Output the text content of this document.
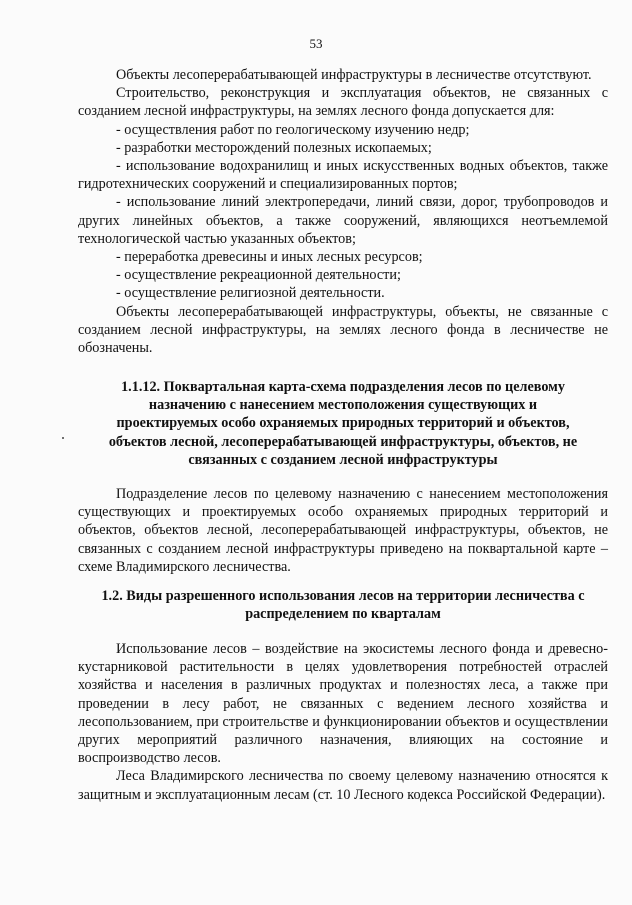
53

Объекты лесоперерабатывающей инфраструктуры в лесничестве отсутствуют.

Строительство, реконструкция и эксплуатация объектов, не связанных с созданием лесной инфраструктуры, на землях лесного фонда допускается для:

- осуществления работ по геологическому изучению недр;

- разработки месторождений полезных ископаемых;

- использование водохранилищ и иных искусственных водных объектов, также гидротехнических сооружений и специализированных портов;

- использование линий электропередачи, линий связи, дорог, трубопроводов и других линейных объектов, а также сооружений, являющихся неотъемлемой технологической частью указанных объектов;

- переработка древесины и иных лесных ресурсов;

- осуществление рекреационной деятельности;

- осуществление религиозной деятельности.

Объекты лесоперерабатывающей инфраструктуры, объекты, не связанные с созданием лесной инфраструктуры, на землях лесного фонда в лесничестве не обозначены.

1.1.12. Поквартальная карта-схема подразделения лесов по целевому
назначению с нанесением местоположения существующих и
проектируемых особо охраняемых природных территорий и объектов,
объектов лесной, лесоперерабатывающей инфраструктуры, объектов, не
связанных с созданием лесной инфраструктуры

Подразделение лесов по целевому назначению с нанесением местоположения существующих и проектируемых особо охраняемых природных территорий и объектов, объектов лесной, лесоперерабатывающей инфраструктуры, объектов, не связанных с созданием лесной инфраструктуры приведено на поквартальной карте – схеме Владимирского лесничества.

1.2. Виды разрешенного использования лесов на территории лесничества с
распределением по кварталам

Использование лесов – воздействие на экосистемы лесного фонда и древесно-кустарниковой растительности в целях удовлетворения потребностей отраслей хозяйства и населения в различных продуктах и полезностях леса, а также при проведении в лесу работ, не связанных с ведением лесного хозяйства и лесопользованием, при строительстве и функционировании объектов и осуществлении других мероприятий различного назначения, влияющих на состояние и воспроизводство лесов.

Леса Владимирского лесничества по своему целевому назначению относятся к защитным и эксплуатационным лесам (ст. 10 Лесного кодекса Российской Федерации).
